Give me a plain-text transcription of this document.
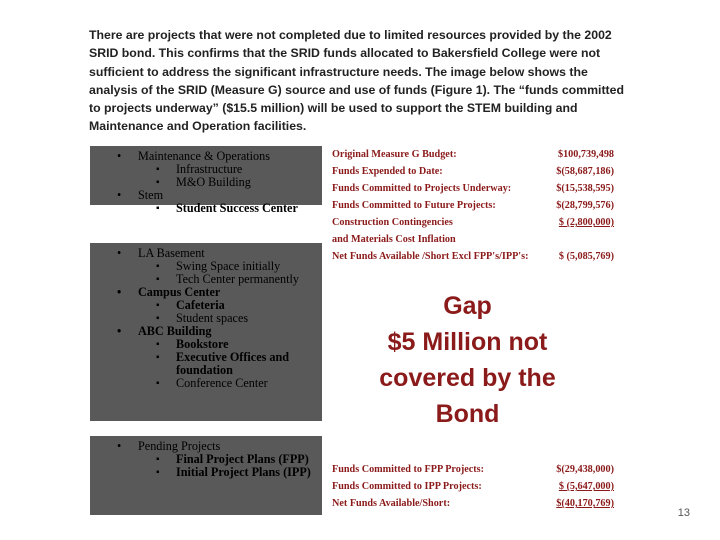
There are projects that were not completed due to limited resources provided by the 2002 SRID bond. This confirms that the SRID funds allocated to Bakersfield College were not sufficient to address the significant infrastructure needs. The image below shows the analysis of the SRID (Measure G) source and use of funds (Figure 1). The “funds committed to projects underway” ($15.5 million) will be used to support the STEM building and Maintenance and Operation facilities.
• Maintenance & Operations
▪ Infrastructure
▪ M&O Building
• Stem
▪ Student Success Center
• LA Basement
▪ Swing Space initially
▪ Tech Center permanently
• Campus Center
▪ Cafeteria
▪ Student spaces
• ABC Building
▪ Bookstore
▪ Executive Offices and foundation
▪ Conference Center
• Pending Projects
▪ Final Project Plans (FPP)
▪ Initial Project Plans (IPP)
Original Measure G Budget:	$100,739,498
Funds Expended to Date:	$(58,687,186)
Funds Committed to Projects Underway:	$(15,538,595)
Funds Committed to Future Projects:	$(28,799,576)
Construction Contingencies	$ (2,800,000)
and Materials Cost Inflation
Net Funds Available /Short Excl FPP's/IPP's:	$ (5,085,769)
Funds Committed to FPP Projects:	$(29,438,000)
Funds Committed to IPP Projects:	$ (5,647,000)
Net Funds Available/Short:	$(40,170,769)
Gap
$5 Million not
covered by the
Bond
13
